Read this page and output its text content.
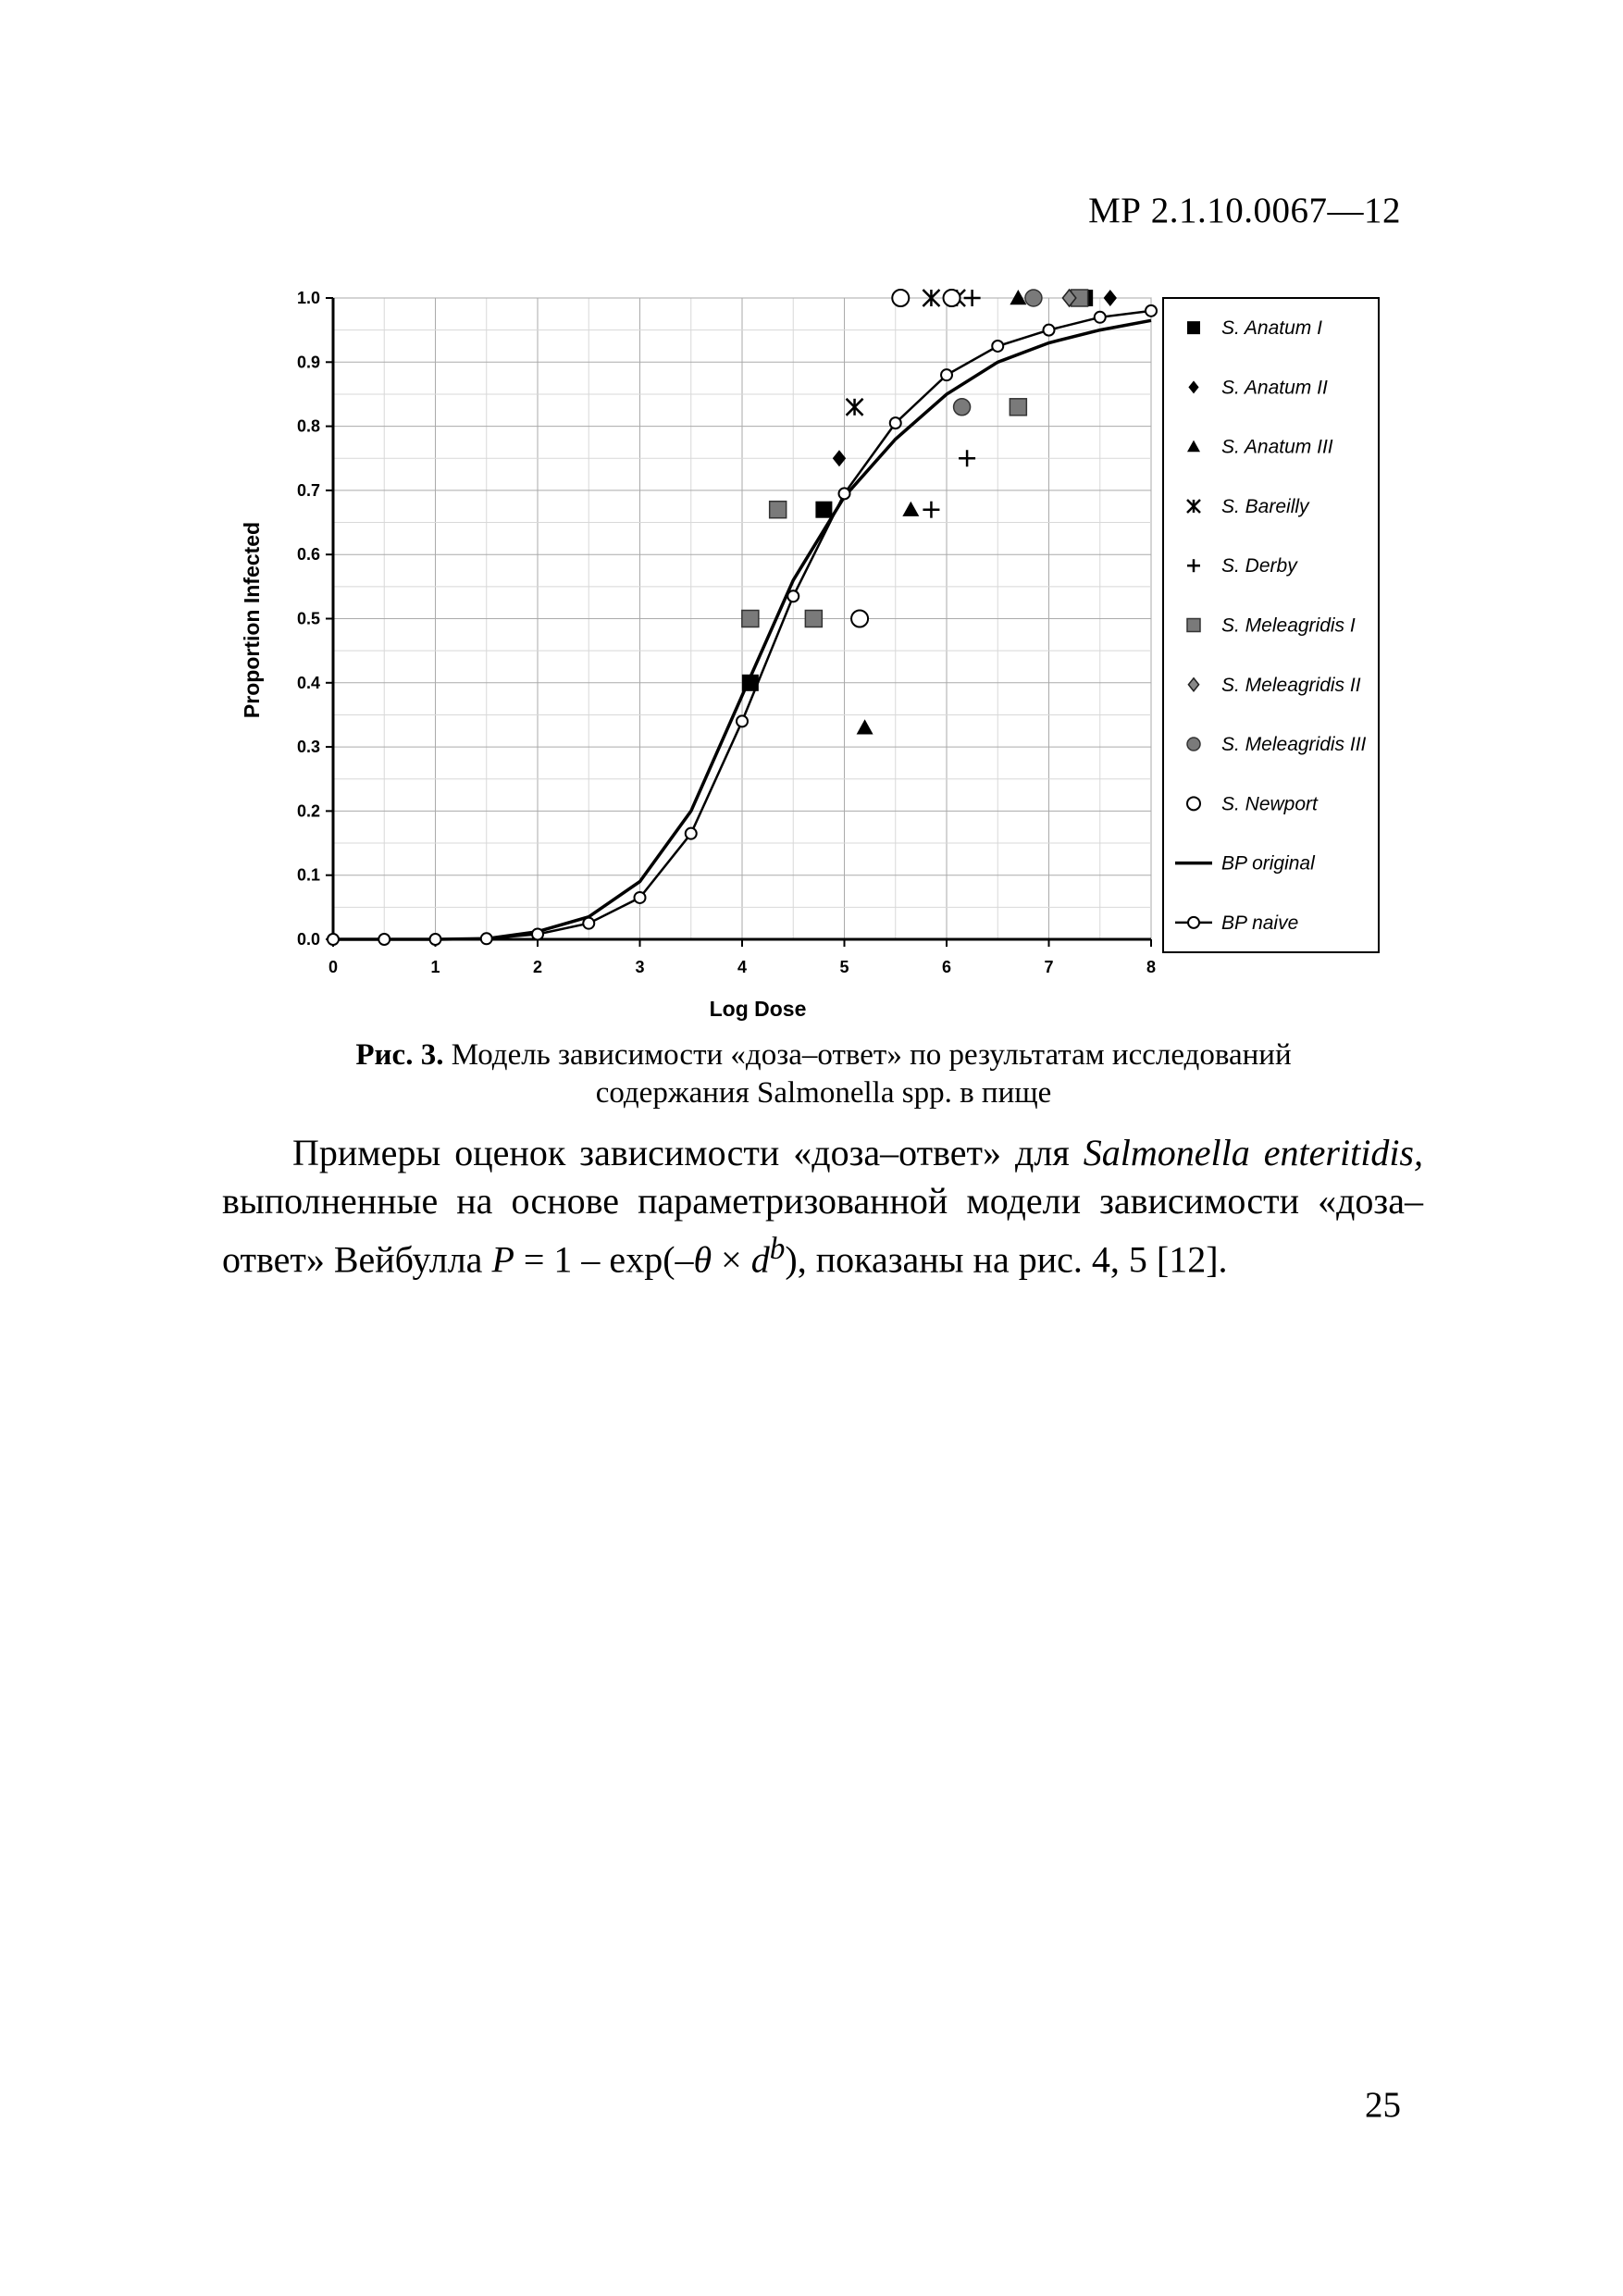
МР 2.1.10.0067—12
0	1	2	3	4	5	6	7	8
0.0
0.1
0.2
0.3
0.4
0.5
0.6
0.7
0.8
0.9
1.0
Log Dose
Proportion Infected
S. Anatum I
S. Anatum II
S. Anatum III
S. Bareilly
S. Derby
S. Meleagridis I
S. Meleagridis II
S. Meleagridis III
S. Newport
BP original
BP naive
Рис. 3. Модель зависимости «доза–ответ» по результатам исследований
содержания Salmonella spp. в пище
Примеры оценок зависимости «доза–ответ» для Salmonella enteritidis, выполненные на основе параметризованной модели зависимости «доза–ответ» Вейбулла $P = 1 - \exp(-\theta \times d^b)$, показаны на рис. 4, 5 [12].
25
